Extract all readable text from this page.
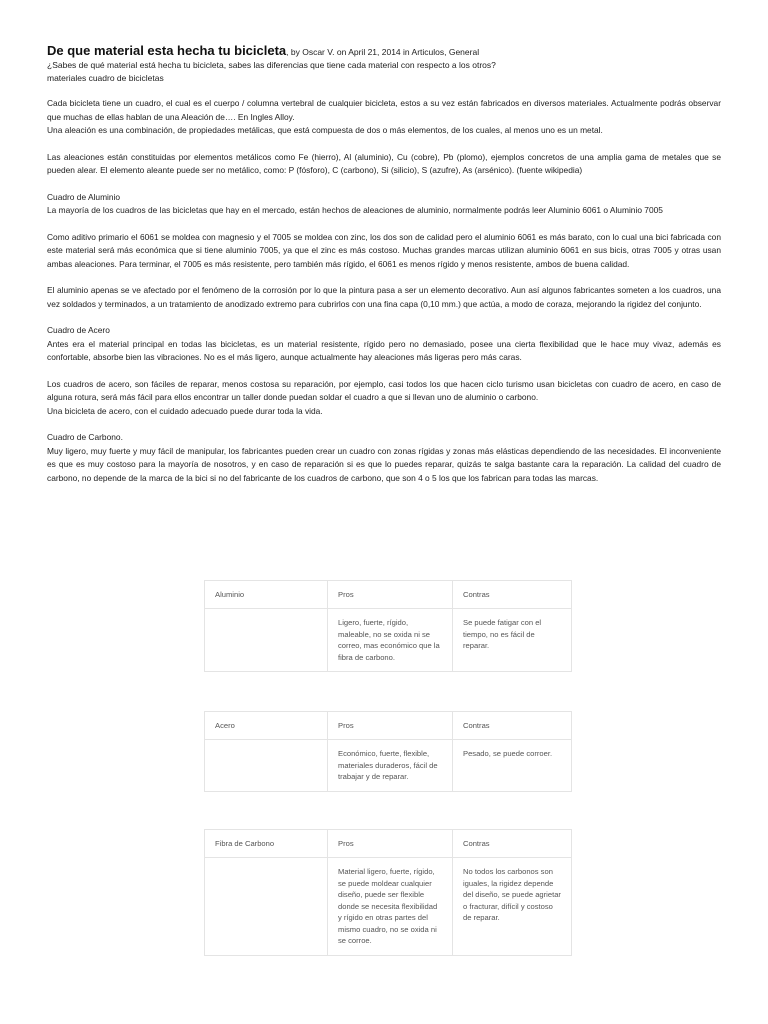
De que material esta hecha tu bicicleta, by Oscar V. on April 21, 2014 in Articulos, General
¿Sabes de qué material está hecha tu bicicleta, sabes las diferencias que tiene cada material con respecto a los otros?
materiales cuadro de bicicletas

Cada bicicleta tiene un cuadro, el cual es el cuerpo / columna vertebral de cualquier bicicleta, estos a su vez están fabricados en diversos materiales. Actualmente podrás observar que muchas de ellas hablan de una Aleación de…. En Ingles Alloy.

Una aleación es una combinación, de propiedades metálicas, que está compuesta de dos o más elementos, de los cuales, al menos uno es un metal.

Las aleaciones están constituidas por elementos metálicos como Fe (hierro), Al (aluminio), Cu (cobre), Pb (plomo), ejemplos concretos de una amplia gama de metales que se pueden alear. El elemento aleante puede ser no metálico, como: P (fósforo), C (carbono), Si (silicio), S (azufre), As (arsénico). (fuente wikipedia)

Cuadro de Aluminio

La mayoría de los cuadros de las bicicletas que hay en el mercado, están hechos de aleaciones de aluminio, normalmente podrás leer Aluminio 6061 o Aluminio 7005

Como aditivo primario el 6061 se moldea con magnesio y el 7005 se moldea con zinc, los dos son de calidad pero el aluminio 6061 es más barato, con lo cual una bici fabricada con este material será más económica que si tiene aluminio 7005, ya que el zinc es más costoso. Muchas grandes marcas utilizan aluminio 6061 en sus bicis, otras 7005 y otras usan ambas aleaciones. Para terminar, el 7005 es más resistente, pero también más rígido, el 6061 es menos rígido y menos resistente, ambos de buena calidad.

El aluminio apenas se ve afectado por el fenómeno de la corrosión por lo que la pintura pasa a ser un elemento decorativo. Aun así algunos fabricantes someten a los cuadros, una vez soldados y terminados, a un tratamiento de anodizado extremo para cubrirlos con una fina capa (0,10 mm.) que actúa, a modo de coraza, mejorando la rigidez del conjunto.

Cuadro de Acero

Antes era el material principal en todas las bicicletas, es un material resistente, rígido pero no demasiado, posee una cierta flexibilidad que le hace muy vivaz, además es confortable, absorbe bien las vibraciones. No es el más ligero, aunque actualmente hay aleaciones más ligeras pero más caras.

Los cuadros de acero, son fáciles de reparar, menos costosa su reparación, por ejemplo, casi todos los que hacen ciclo turismo usan bicicletas con cuadro de acero, en caso de alguna rotura, será más fácil para ellos encontrar un taller donde puedan soldar el cuadro a que si llevan uno de aluminio o carbono.

Una bicicleta de acero, con el cuidado adecuado puede durar toda la vida.

Cuadro de Carbono.

Muy ligero, muy fuerte y muy fácil de manipular, los fabricantes pueden crear un cuadro con zonas rígidas y zonas más elásticas dependiendo de las necesidades. El inconveniente es que es muy costoso para la mayoría de nosotros, y en caso de reparación si es que lo puedes reparar, quizás te salga bastante cara la reparación. La calidad del cuadro de carbono, no depende de la marca de la bici si no del fabricante de los cuadros de carbono, que son 4 o 5 los que los fabrican para todas las marcas.

Aluminio	Pros	Contras
	Ligero, fuerte, rígido, maleable, no se oxida ni se correo, mas económico que la fibra de carbono.	Se puede fatigar con el tiempo, no es fácil de reparar.
Acero	Pros	Contras
	Económico, fuerte, flexible, materiales duraderos, fácil de trabajar y de reparar.	Pesado, se puede corroer.
Fibra de Carbono	Pros	Contras
	Material ligero, fuerte, rígido, se puede moldear cualquier diseño, puede ser flexible donde se necesita flexibilidad y rígido en otras partes del mismo cuadro, no se oxida ni se corroe.	No todos los carbonos son iguales, la rigidez depende del diseño, se puede agrietar o fracturar, difícil y costoso de reparar.
